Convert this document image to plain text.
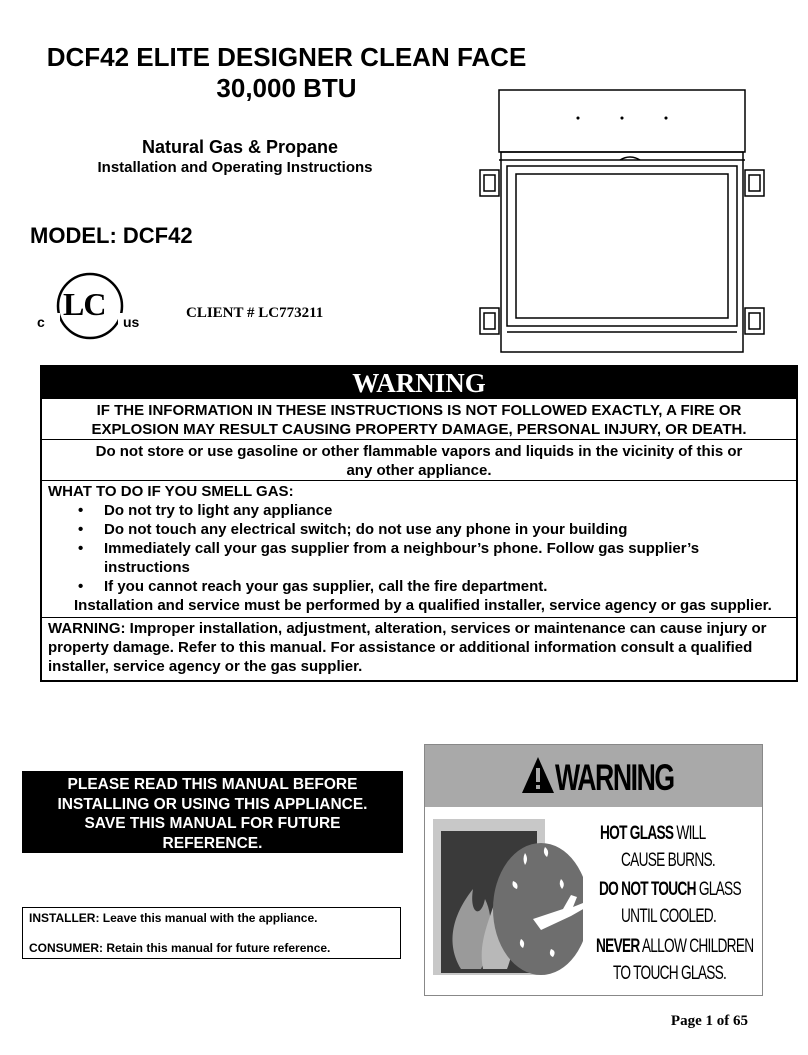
DCF42 ELITE DESIGNER CLEAN FACE
30,000 BTU
Natural Gas & Propane
Installation and Operating Instructions
MODEL: DCF42
c LC us
CLIENT # LC773211
WARNING
IF THE INFORMATION IN THESE INSTRUCTIONS IS NOT FOLLOWED EXACTLY, A FIRE OR
EXPLOSION MAY RESULT CAUSING PROPERTY DAMAGE, PERSONAL INJURY, OR DEATH.
Do not store or use gasoline or other flammable vapors and liquids in the vicinity of this or
any other appliance.
WHAT TO DO IF YOU SMELL GAS:
• Do not try to light any appliance
• Do not touch any electrical switch; do not use any phone in your building
• Immediately call your gas supplier from a neighbour’s phone. Follow gas supplier’s instructions
• If you cannot reach your gas supplier, call the fire department.
Installation and service must be performed by a qualified installer, service agency or gas supplier.
WARNING: Improper installation, adjustment, alteration, services or maintenance can cause injury or property damage. Refer to this manual. For assistance or additional information consult a qualified installer, service agency or the gas supplier.
PLEASE READ THIS MANUAL BEFORE
INSTALLING OR USING THIS APPLIANCE.
SAVE THIS MANUAL FOR FUTURE
REFERENCE.
INSTALLER: Leave this manual with the appliance.
CONSUMER: Retain this manual for future reference.
WARNING
HOT GLASS WILL
CAUSE BURNS.
DO NOT TOUCH GLASS
UNTIL COOLED.
NEVER ALLOW CHILDREN
TO TOUCH GLASS.
Page 1 of 65
